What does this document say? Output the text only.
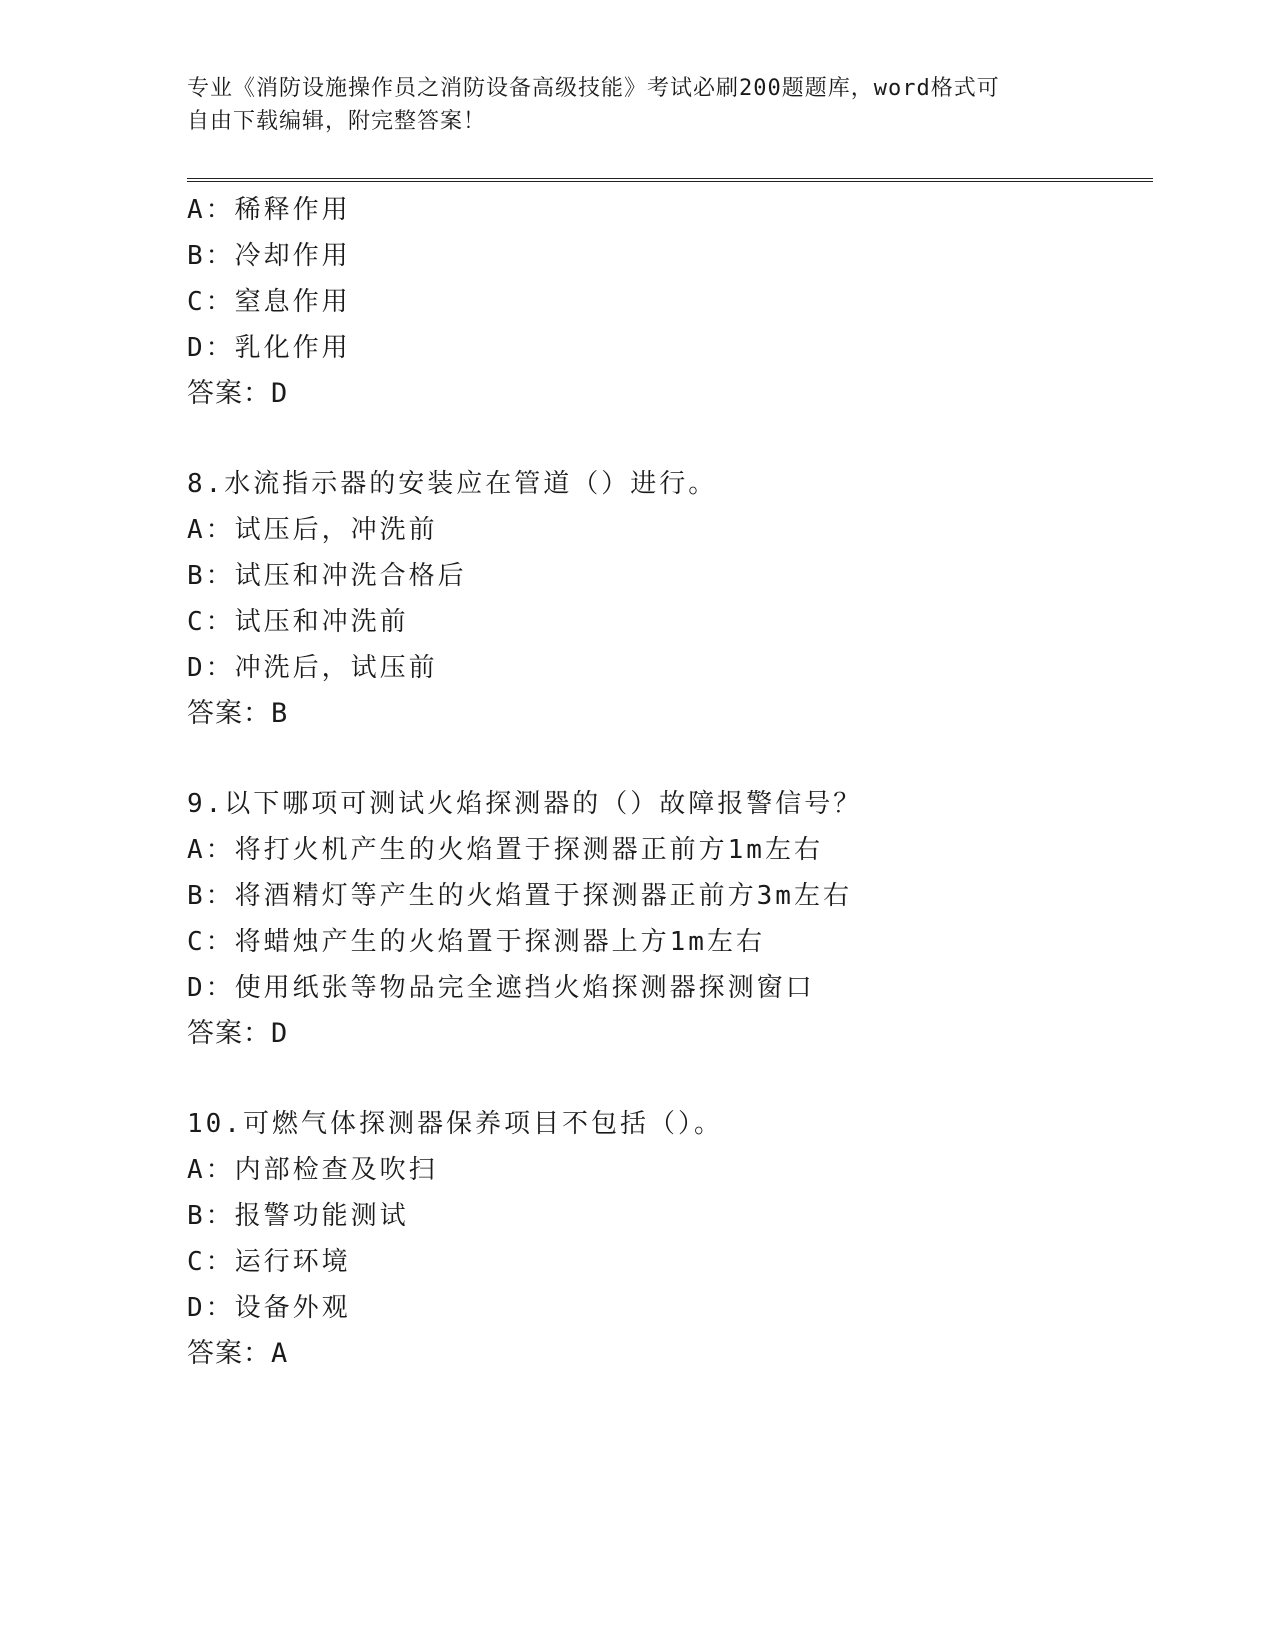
专业《消防设施操作员之消防设备高级技能》考试必刷200题题库，word格式可
自由下载编辑，附完整答案！
A：稀释作用
B：冷却作用
C：窒息作用
D：乳化作用
答案：D
8.水流指示器的安装应在管道（）进行。
A：试压后，冲洗前
B：试压和冲洗合格后
C：试压和冲洗前
D：冲洗后，试压前
答案：B
9.以下哪项可测试火焰探测器的（）故障报警信号？
A：将打火机产生的火焰置于探测器正前方1m左右
B：将酒精灯等产生的火焰置于探测器正前方3m左右
C：将蜡烛产生的火焰置于探测器上方1m左右
D：使用纸张等物品完全遮挡火焰探测器探测窗口
答案：D
10.可燃气体探测器保养项目不包括（）。
A：内部检查及吹扫
B：报警功能测试
C：运行环境
D：设备外观
答案：A
